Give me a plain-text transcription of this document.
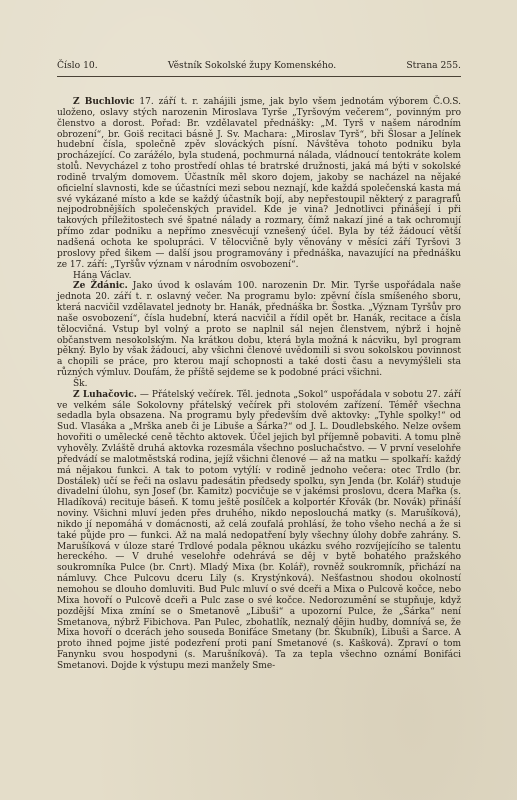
Číslo 10.	Věstník Sokolské župy Komenského.	Strana 255.

Z Buchlovic 17. září t. r. zahájili jsme, jak bylo všem jednotám výborem Č.O.S. uloženo, oslavy stých narozenin Miroslava Tyrše „Tyršovým večerem“, povinným pro členstvo a dorost. Pořad: Br. vzdělavatel přednášky: „M. Tyrš v našem národním obrození“, br. Goiš recitaci básně J. Sv. Machara: „Miroslav Tyrš“, bři Šlosar a Jelínek hudební čísla, společně zpěv slováckých písní. Návštěva tohoto podniku byla procházející. Co zarážélo, byla studená, pochmurná nálada, vládnoucí tentokráte kolem stolů. Nevycházel z toho prostředí ohlas té bratrské družnosti, jaká má býti v sokolské rodině trvalým domovem. Účastník měl skoro dojem, jakoby se nacházel na nějaké oficielní slavnosti, kde se účastníci mezi sebou neznají, kde každá společenská kasta má své vykázané místo a kde se každý účastník bojí, aby nepřestoupil některý z paragrafů nejpodrobnějších společenských pravidel. Kde je vina? Jednotlivci přinášejí i při takových příležitostech své špatné nálady a rozmary, čímž nakazí jiné a tak ochromují přímo zdar podniku a nepřímo znesvěcují vznešený účel. Byla by též žádoucí větší nadšená ochota ke spolupráci. V tělocvičně byly věnovány v měsíci září Tyršovi 3 proslovy před šikem — další jsou programovány i přednáška, navazující na přednášku ze 17. září: „Tyršův význam v národním osvobození“.

Hána Václav.

Ze Ždánic. Jako úvod k oslavám 100. narozenin Dr. Mir. Tyrše uspořádala naše jednota 20. září t. r. oslavný večer. Na programu bylo: zpěvní čísla smíšeného sboru, která nacvičil vzdělavatel jednoty br. Hanák, přednáška br. Šostka. „Význam Tyršův pro naše osvobození“, čísla hudební, která nacvičil a řídil opět br. Hanák, recitace a čísla tělocvičná. Vstup byl volný a proto se naplnil sál nejen členstvem, nýbrž i hojně občanstvem nesokolským. Na krátkou dobu, která byla možná k nácviku, byl program pěkný. Bylo by však žádoucí, aby všichni členové uvědomili si svou sokolskou povinnost a chopili se práce, pro kterou mají schopnosti a také dosti času a nevymýšleli sta různých výmluv. Doufám, že příště sejdeme se k podobné práci všichni.

Šk.

Z Luhačovic. — Přátelský večírek. Těl. jednota „Sokol“ uspořádala v sobotu 27. září ve velkém sále Sokolovny přátelský večírek při stolovém zařízení. Téměř všechna sedadla byla obsazena. Na programu byly především dvě aktovky: „Tyhle spolky!“ od Sud. Vlasáka a „Mrška aneb či je Libuše a Šárka?“ od J. L. Doudlebského. Nelze ovšem hovořiti o umělecké ceně těchto aktovek. Účel jejich byl příjemně pobaviti. A tomu plně vyhověly. Zvláště druhá aktovka rozesmála všechno posluchačstvo. — V první veselohře předvádí se malotměstská rodina, jejíž všichni členové — až na matku — spolkaří: každý má nějakou funkci. A tak to potom vytýlí: v rodině jednoho večera: otec Trdlo (br. Dostálek) učí se řeči na oslavu padesátin předsedy spolku, syn Jenda (br. Kolář) studuje divadelní úlohu, syn Josef (br. Kamitz) pocvičuje se v jakémsi proslovu, dcera Mařka (s. Hladíková) recituje báseň. K tomu ještě posílček a kolportér Křovák (br. Novák) přináší noviny. Všichni mluví jeden přes druhého, nikdo neposlouchá matky (s. Marušíková), nikdo jí nepomáhá v domácnosti, až celá zoufalá prohlásí, že toho všeho nechá a že si také půjde pro — funkci. Až na malá nedopatření byly všechny úlohy dobře zahrány. S. Marušíková v úloze staré Trdlové podala pěknou ukázku svého rozvíjejícího se talentu hereckého. — V druhé veselohře odehrává se děj v bytě bohatého pražského soukromníka Pulce (br. Cnrt). Mladý Mixa (br. Kolář), rovněž soukromník, přichází na námluvy. Chce Pulcovu dceru Lily (s. Krystýnková). Nešťastnou shodou okolností nemohou se dlouho domluviti. Bud Pulc mluví o své dceři a Mixa o Pulcově kočce, nebo Mixa hovoří o Pulcově dceři a Pulc zase o své kočce. Nedorozumění se stupňuje, když pozdější Mixa zmíní se o Smetanově „Libuši“ a upozorní Pulce, že „Šárka“ není Smetanova, nýbrž Fibichova. Pan Pulec, zbohatlík, neznalý dějin hudby, domnívá se, že Mixa hovoří o dcerách jeho souseda Bonifáce Smetany (br. Škubník), Libuši a Šarce. A proto ihned pojme jisté podezření proti paní Smetanové (s. Kašková). Zpraví o tom Fanynku svou hospodyni (s. Marušníková). Ta za tepla všechno oznámí Bonifáci Smetanovi. Dojde k výstupu mezi manžely Sme-
